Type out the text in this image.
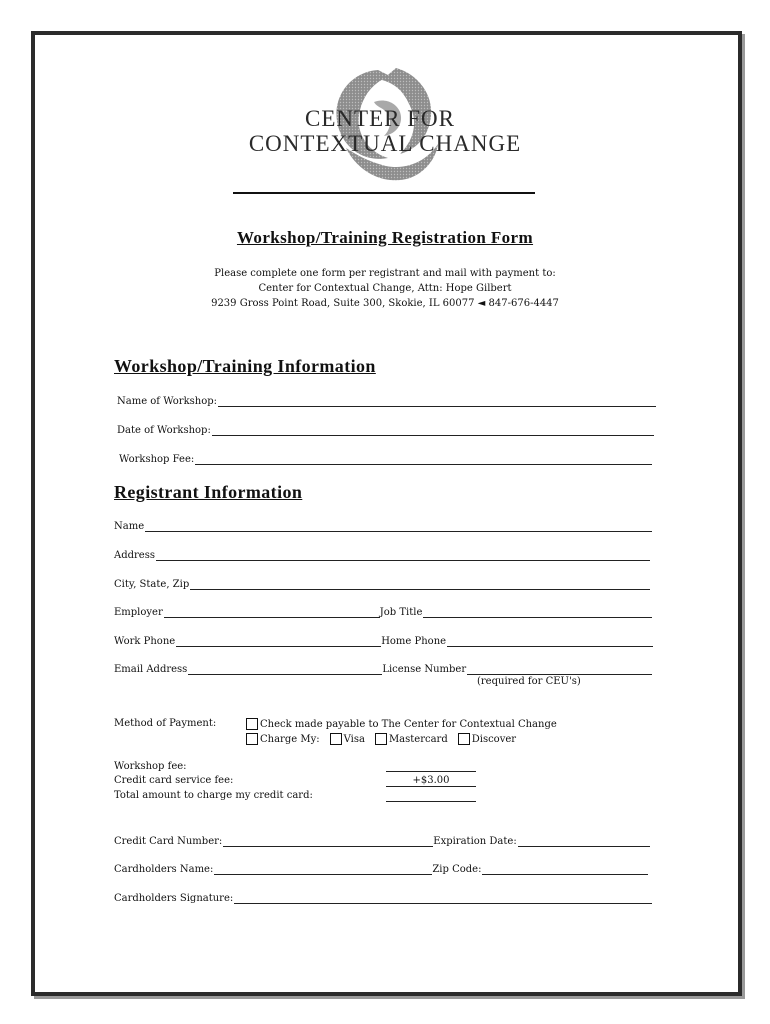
CENTER FOR
CONTEXTUAL CHANGE
Workshop/Training Registration Form
Please complete one form per registrant and mail with payment to:
Center for Contextual Change, Attn: Hope Gilbert
9239 Gross Point Road, Suite 300, Skokie, IL 60077 ◄ 847-676-4447
Workshop/Training Information
Name of Workshop:
Date of Workshop:
Workshop Fee:
Registrant Information
Name
Address
City, State, Zip
Employer	Job Title
Work Phone	Home Phone
Email Address	License Number
(required for CEU's)
Method of Payment:	Check made payable to The Center for Contextual Change
Charge My: Visa Mastercard Discover
Workshop fee:
Credit card service fee:	+$3.00
Total amount to charge my credit card:
Credit Card Number:	Expiration Date:
Cardholders Name:	Zip Code:
Cardholders Signature:
